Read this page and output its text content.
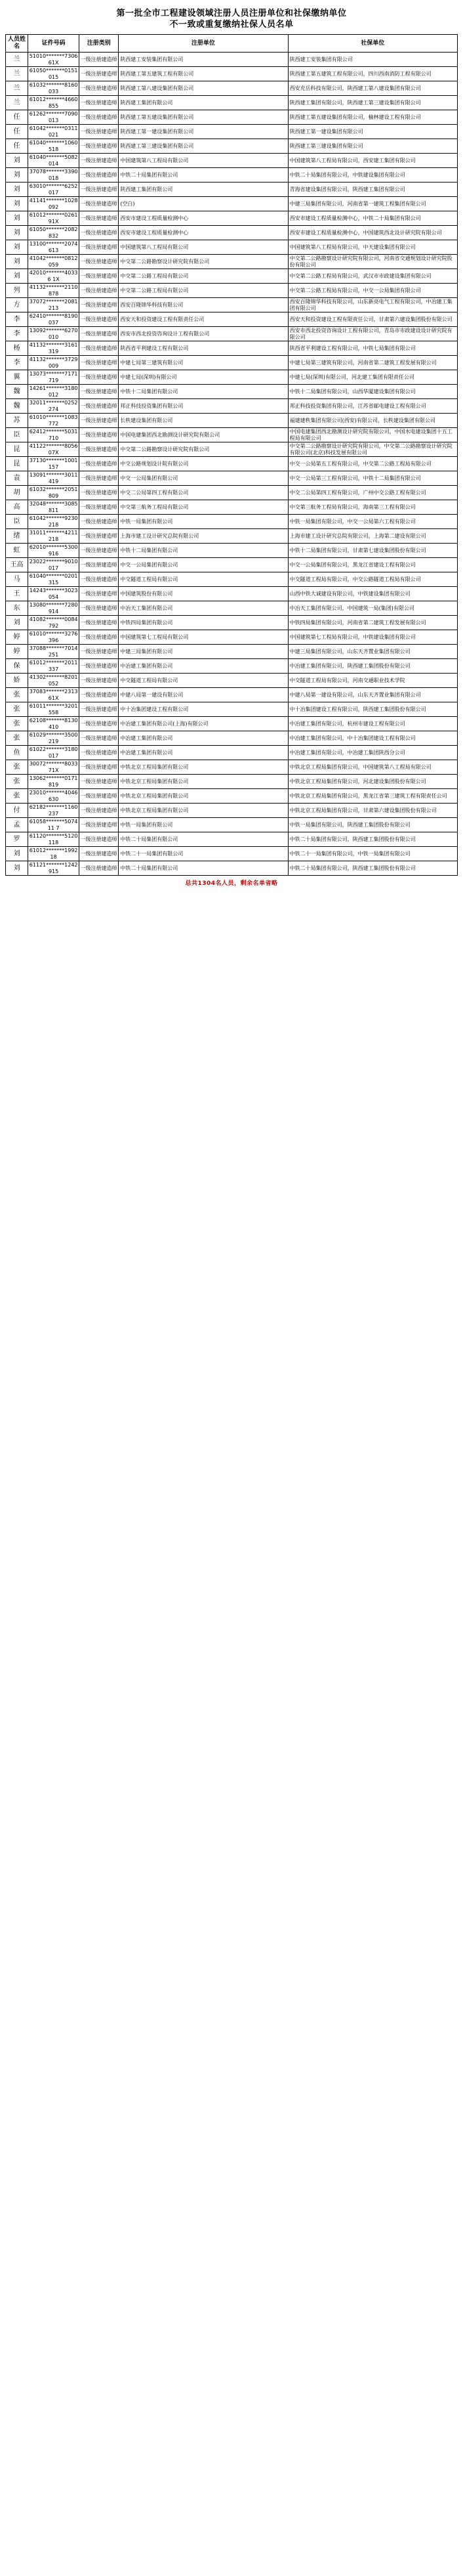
第一批全市工程建设领域注册人员注册单位和社保缴纳单位
不一致或重复缴纳社保人员名单
人员姓名	证件号码	注册类别	注册单位	社保单位
兰	51010*******730661X	一级注册建造师	陕西建工安装集团有限公司	陕西建工安装集团有限公司
兰	61050*******0151015	一级注册建造师	陕西建工第五建筑工程有限公司	陕西建工第五建筑工程有限公司，四川西南消防工程有限公司
兰	61032*******8160033	一级注册建造师	陕西建工第八建设集团有限公司	西安充岳科技有限公司，陕西建工第八建设集团有限公司
兰	61012*******4660855	一级注册建造师	陕西建工集团有限公司	陕西建工集团有限公司，陕西建工第三建设集团有限公司
任	61262*******7090013	一级注册建造师	陕西建工第五建设集团有限公司	陕西建工第五建设集团有限公司，榆林建设工程有限公司
任	61042*******0311021	一级注册建造师	陕西建工第一建设集团有限公司	陕西建工第一建设集团有限公司
任	61040*******1060518	一级注册建造师	陕西建工第三建设集团有限公司	陕西建工第三建设集团有限公司
刘	61040*******5082014	一级注册建造师	中国建筑第八工程局有限公司	中国建筑第八工程局有限公司，西安建工集团有限公司
刘	37078*******3390018	一级注册建造师	中铁二十局集团有限公司	中铁二十局集团有限公司，中铁建设集团有限公司
刘	63010*******6252017	一级注册建造师	陕西建工集团有限公司	青海省建设集团有限公司，陕西建工集团有限公司
刘	41141*******1028092	一级注册建造师	(空白)	中建三局集团有限公司，河南省第一建筑工程集团有限公司
刘	61012*******026191X	一级注册建造师	西安市建设工程质量检测中心	西安市建设工程质量检测中心，中铁二十局集团有限公司
刘	61050*******2082832	一级注册建造师	西安市建设工程质量检测中心	西安市建设工程质量检测中心，中国建筑西北设计研究院有限公司
刘	13100*******2074613	一级注册建造师	中国建筑第八工程局有限公司	中国建筑第八工程局有限公司，中天建设集团有限公司
刘	41042*******0812059	一级注册建造师	中交第二公路勘察设计研究院有限公司	中交第二公路勘察设计研究院有限公司，河南省交通规划设计研究院股份有限公司
刘	42010*******40336 1X	一级注册建造师	中交第二公路工程局有限公司	中交第二公路工程局有限公司，武汉市市政建设集团有限公司
列	41132*******2110878	一级注册建造师	中交第二公路工程局有限公司	中交第二公路工程局有限公司，中交一公局集团有限公司
方	37072*******2081213	一级注册建造师	西安百隆锦华科技有限公司	西安百隆锦华科技有限公司，山东新亮电气工程有限公司，中冶建工集团有限公司
李	62410*******8190037	一级注册建造师	西安天和投资建设工程有限责任公司	西安天和投资建设工程有限责任公司，甘肃第六建设集团股份有限公司
李	13092*******6270010	一级注册建造师	西安市西北投资咨询设计工程有限公司	西安市西北投资咨询设计工程有限公司，青岛市市政建设设计研究院有限公司
杨	41132*******3161319	一级注册建造师	陕西省平利建设工程有限公司	陕西省平利建设工程有限公司，中铁七局集团有限公司
李	41132*******3729009	一级注册建造师	中建七局第三建筑有限公司	中建七局第三建筑有限公司，河南省第二建筑工程发展有限公司
翼	13073*******7171719	一级注册建造师	中建七局(深圳)有限公司	中建七局(深圳)有限公司，河北建工集团有限责任公司
魏	14261*******3180012	一级注册建造师	中铁十二局集团有限公司	中铁十二局集团有限公司，山西华厦建设集团有限公司
魏	32011*******0252274	一级注册建造师	邦正科技投资集团有限公司	邦正科技投资集团有限公司，江苏省邮电建设工程有限公司
苏	61010*******1083772	一级注册建造师	长秩建设集团有限公司	福建建秩集团有限公司(西安)有限公司，长秩建设集团有限公司
臣	62412*******5031710	一级注册建造师	中国电建集团西北勘测设计研究院有限公司	中国电建集团西北勘测设计研究院有限公司，中国水电建设集团十五工程局有限公司
昆	41122*******805607X	一级注册建造师	中交第二公路勘察设计研究院有限公司	中交第二公路勘察设计研究院有限公司，中交第二公路勘察设计研究院有限公司(北京)科技发展有限公司
昆	37130*******1001157	一级注册建造师	中交公路规划设计院有限公司	中交一公局第五工程有限公司，中交第二公路工程局有限公司
袁	13091*******3011419	一级注册建造师	中交一公局集团有限公司	中交一公局第三工程有限公司，中铁十二局集团有限公司
胡	61032*******2051809	一级注册建造师	中交二公局第四工程有限公司	中交二公局第四工程有限公司，广州中交公路工程有限公司
高	32048*******3085811	一级注册建造师	中交第三航务工程局有限公司	中交第三航务工程局有限公司，海南第三工程有限公司
臣	61042*******9230218	一级注册建造师	中铁一局集团有限公司	中铁一局集团有限公司，中交一公局第六工程有限公司
绪	31011*******4211218	一级注册建造师	上海市建工设计研究总院有限公司	上海市建工设计研究总院有限公司，上海第二建设有限公司
虹	62010*******5300916	一级注册建造师	中铁十二局集团有限公司	中铁十二局集团有限公司，甘肃第七建设集团股份有限公司
王高	23022*******9010017	一级注册建造师	中交一公局集团有限公司	中交一公局集团有限公司，黑龙江省建设工程有限公司
马	61040*******0201315	一级注册建造师	中交隧道工程局有限公司	中交隧道工程局有限公司，中交公路隧道工程局有限公司
王	14243*******3023054	一级注册建造师	中国建筑股份有限公司	山西中铁大诚建设有限公司，中铁建设集团有限公司
东	13080*******7280914	一级注册建造师	中冶天工集团有限公司	中冶天工集团有限公司，中国建筑一局(集团)有限公司
刘	41082*******0084792	一级注册建造师	中铁四局集团有限公司	中铁四局集团有限公司，河南省第二建筑工程发展有限公司
婷	61010*******3276396	一级注册建造师	中国建筑第七工程局有限公司	中国建筑第七工程局有限公司，中铁建设集团有限公司
婷	37088*******7014251	一级注册建造师	中建三局集团有限公司	中建三局集团有限公司，山东天齐置业集团有限公司
保	61012*******2011337	一级注册建造师	中冶建工集团有限公司	中冶建工集团有限公司，陕西建工集团股份有限公司
娇	41302*******8201052	一级注册建造师	中交隧道工程局有限公司	中交隧道工程局有限公司，河南交通职业技术学院
张	37083*******231361X	一级注册建造师	中建八局第一建设有限公司	中建八局第一建设有限公司，山东天齐置业集团有限公司
张	61011*******3201558	一级注册建造师	中十冶集团建设工程有限公司	中十冶集团建设工程有限公司，陕西建工集团股份有限公司
张	62108*******8130410	一级注册建造师	中冶建工集团有限公司(上海)有限公司	中冶建工集团有限公司，杭州市建设工程有限公司
张	61029*******3500219	一级注册建造师	中冶建工集团有限公司	中冶建工集团有限公司，中十冶集团建设工程有限公司
鱼	61022*******3180017	一级注册建造师	中冶建工集团有限公司	中冶建工集团有限公司，中冶建工集团陕西分公司
张	30072*******803371X	一级注册建造师	中铁北京工程局集团有限公司	中铁北京工程局集团有限公司，中国建筑第八工程局有限公司
张	13062*******0171819	一级注册建造师	中铁北京工程局集团有限公司	中铁北京工程局集团有限公司，河北建设集团股份有限公司
张	23010*******4046630	一级注册建造师	中铁北京工程局集团有限公司	中铁北京工程局集团有限公司，黑龙江省第三建筑工程有限责任公司
付	62182*******1160237	一级注册建造师	中铁北京工程局集团有限公司	中铁北京工程局集团有限公司，甘肃第六建设集团股份有限公司
孟	61058*******507411 7	一级注册建造师	中铁一局集团有限公司	中铁一局集团有限公司，陕西建工集团股份有限公司
罗	61120*******5120118	一级注册建造师	中铁二十局集团有限公司	中铁二十局集团有限公司，陕西建工集团股份有限公司
刘	61012*******199218	一级注册建造师	中铁二十一局集团有限公司	中铁二十一局集团有限公司，中铁一局集团有限公司
刘	61121*******1242915	一级注册建造师	中铁二十局集团有限公司	中铁二十局集团有限公司，陕西建工集团股份有限公司
总共1304名人员，剩余名单省略
